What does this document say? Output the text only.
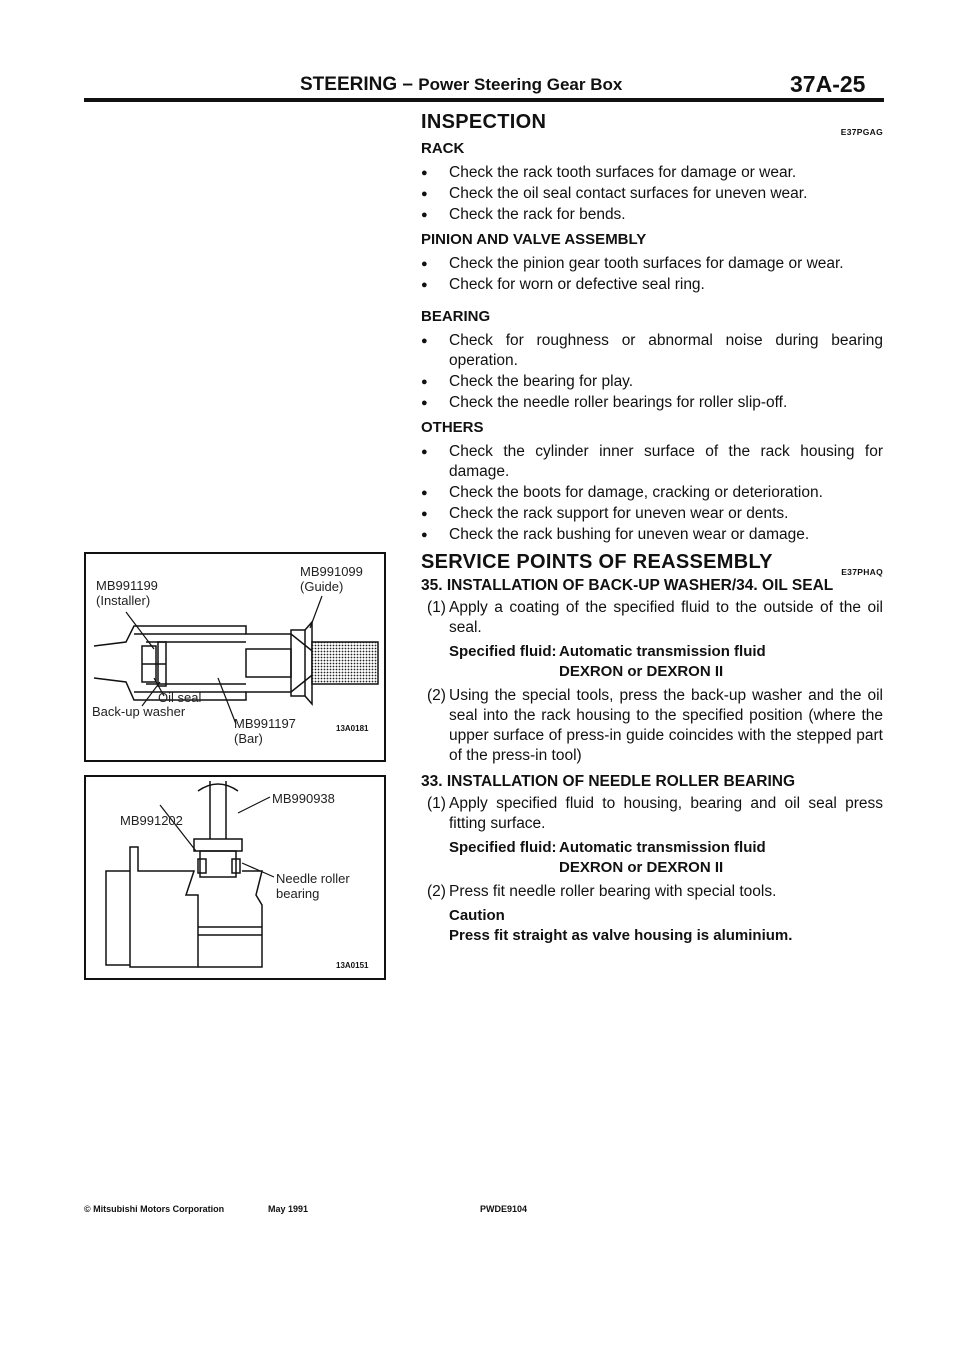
STEERING – Power Steering Gear Box	37A-25
INSPECTION	E37PGAG
RACK
● Check the rack tooth surfaces for damage or wear.
● Check the oil seal contact surfaces for uneven wear.
● Check the rack for bends.
PINION AND VALVE ASSEMBLY
● Check the pinion gear tooth surfaces for damage or wear.
● Check for worn or defective seal ring.
BEARING
● Check for roughness or abnormal noise during bearing operation.
● Check the bearing for play.
● Check the needle roller bearings for roller slip-off.
OTHERS
● Check the cylinder inner surface of the rack housing for damage.
● Check the boots for damage, cracking or deterioration.
● Check the rack support for uneven wear or dents.
● Check the rack bushing for uneven wear or damage.
SERVICE POINTS OF REASSEMBLY	E37PHAQ
35. INSTALLATION OF BACK-UP WASHER/34. OIL SEAL
(1) Apply a coating of the specified fluid to the outside of the oil seal.
Specified fluid: Automatic transmission fluid
DEXRON or DEXRON II
(2) Using the special tools, press the back-up washer and the oil seal into the rack housing to the specified position (where the upper surface of press-in guide coincides with the stepped part of the press-in tool)
33. INSTALLATION OF NEEDLE ROLLER BEARING
(1) Apply specified fluid to housing, bearing and oil seal press fitting surface.
Specified fluid: Automatic transmission fluid
DEXRON or DEXRON II
(2) Press fit needle roller bearing with special tools.
Caution
Press fit straight as valve housing is aluminium.
MB991199
(Installer)
MB991099
(Guide)
Oil seal
Back-up washer
MB991197
(Bar)
13A0181
MB991202
MB990938
Needle roller
bearing
13A0151
© Mitsubishi Motors Corporation	May 1991	PWDE9104
